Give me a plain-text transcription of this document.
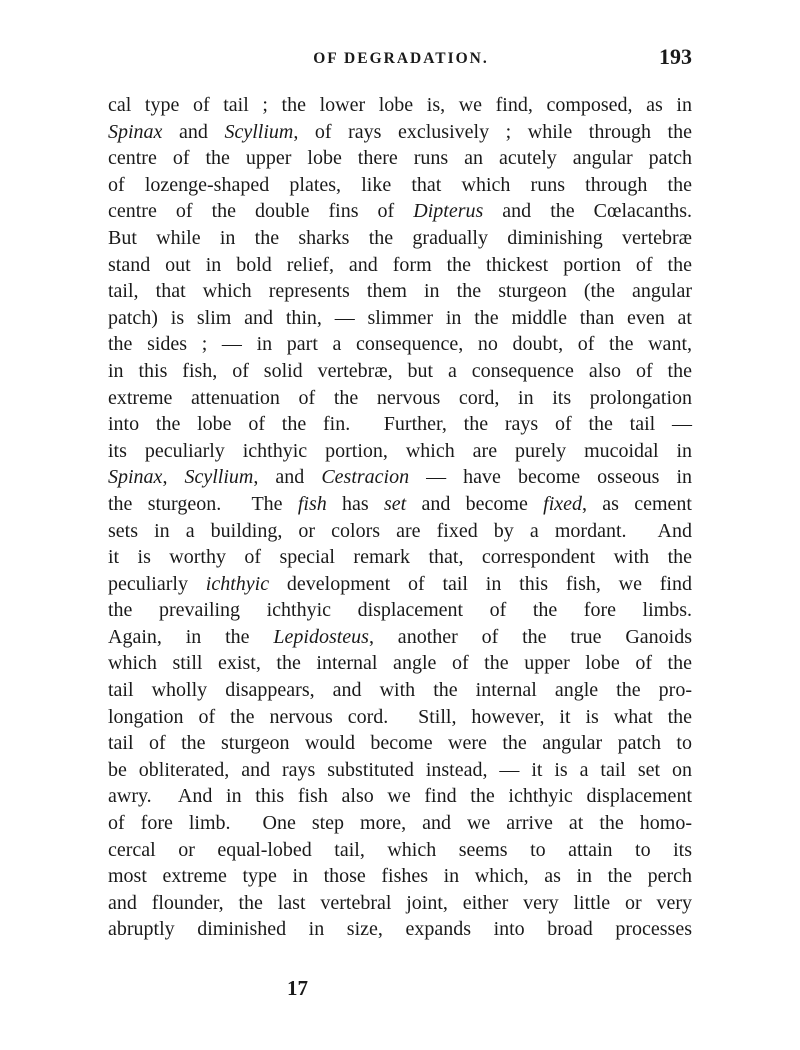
OF DEGRADATION.	193
cal type of tail ; the lower lobe is, we find, composed, as in
Spinax and Scyllium, of rays exclusively ; while through the
centre of the upper lobe there runs an acutely angular patch
of lozenge-shaped plates, like that which runs through the
centre of the double fins of Dipterus and the Cœlacanths.
But while in the sharks the gradually diminishing vertebræ
stand out in bold relief, and form the thickest portion of the
tail, that which represents them in the sturgeon (the angular
patch) is slim and thin, — slimmer in the middle than even at
the sides ; — in part a consequence, no doubt, of the want,
in this fish, of solid vertebræ, but a consequence also of the
extreme attenuation of the nervous cord, in its prolongation
into the lobe of the fin.  Further, the rays of the tail —
its peculiarly ichthyic portion, which are purely mucoidal in
Spinax, Scyllium, and Cestracion — have become osseous in
the sturgeon.  The fish has set and become fixed, as cement
sets in a building, or colors are fixed by a mordant.  And
it is worthy of special remark that, correspondent with the
peculiarly ichthyic development of tail in this fish, we find
the prevailing ichthyic displacement of the fore limbs.
Again, in the Lepidosteus, another of the true Ganoids
which still exist, the internal angle of the upper lobe of the
tail wholly disappears, and with the internal angle the pro-
longation of the nervous cord.  Still, however, it is what the
tail of the sturgeon would become were the angular patch to
be obliterated, and rays substituted instead, — it is a tail set on
awry.  And in this fish also we find the ichthyic displacement
of fore limb.  One step more, and we arrive at the homo-
cercal or equal-lobed tail, which seems to attain to its
most extreme type in those fishes in which, as in the perch
and flounder, the last vertebral joint, either very little or very
abruptly diminished in size, expands into broad processes
17
